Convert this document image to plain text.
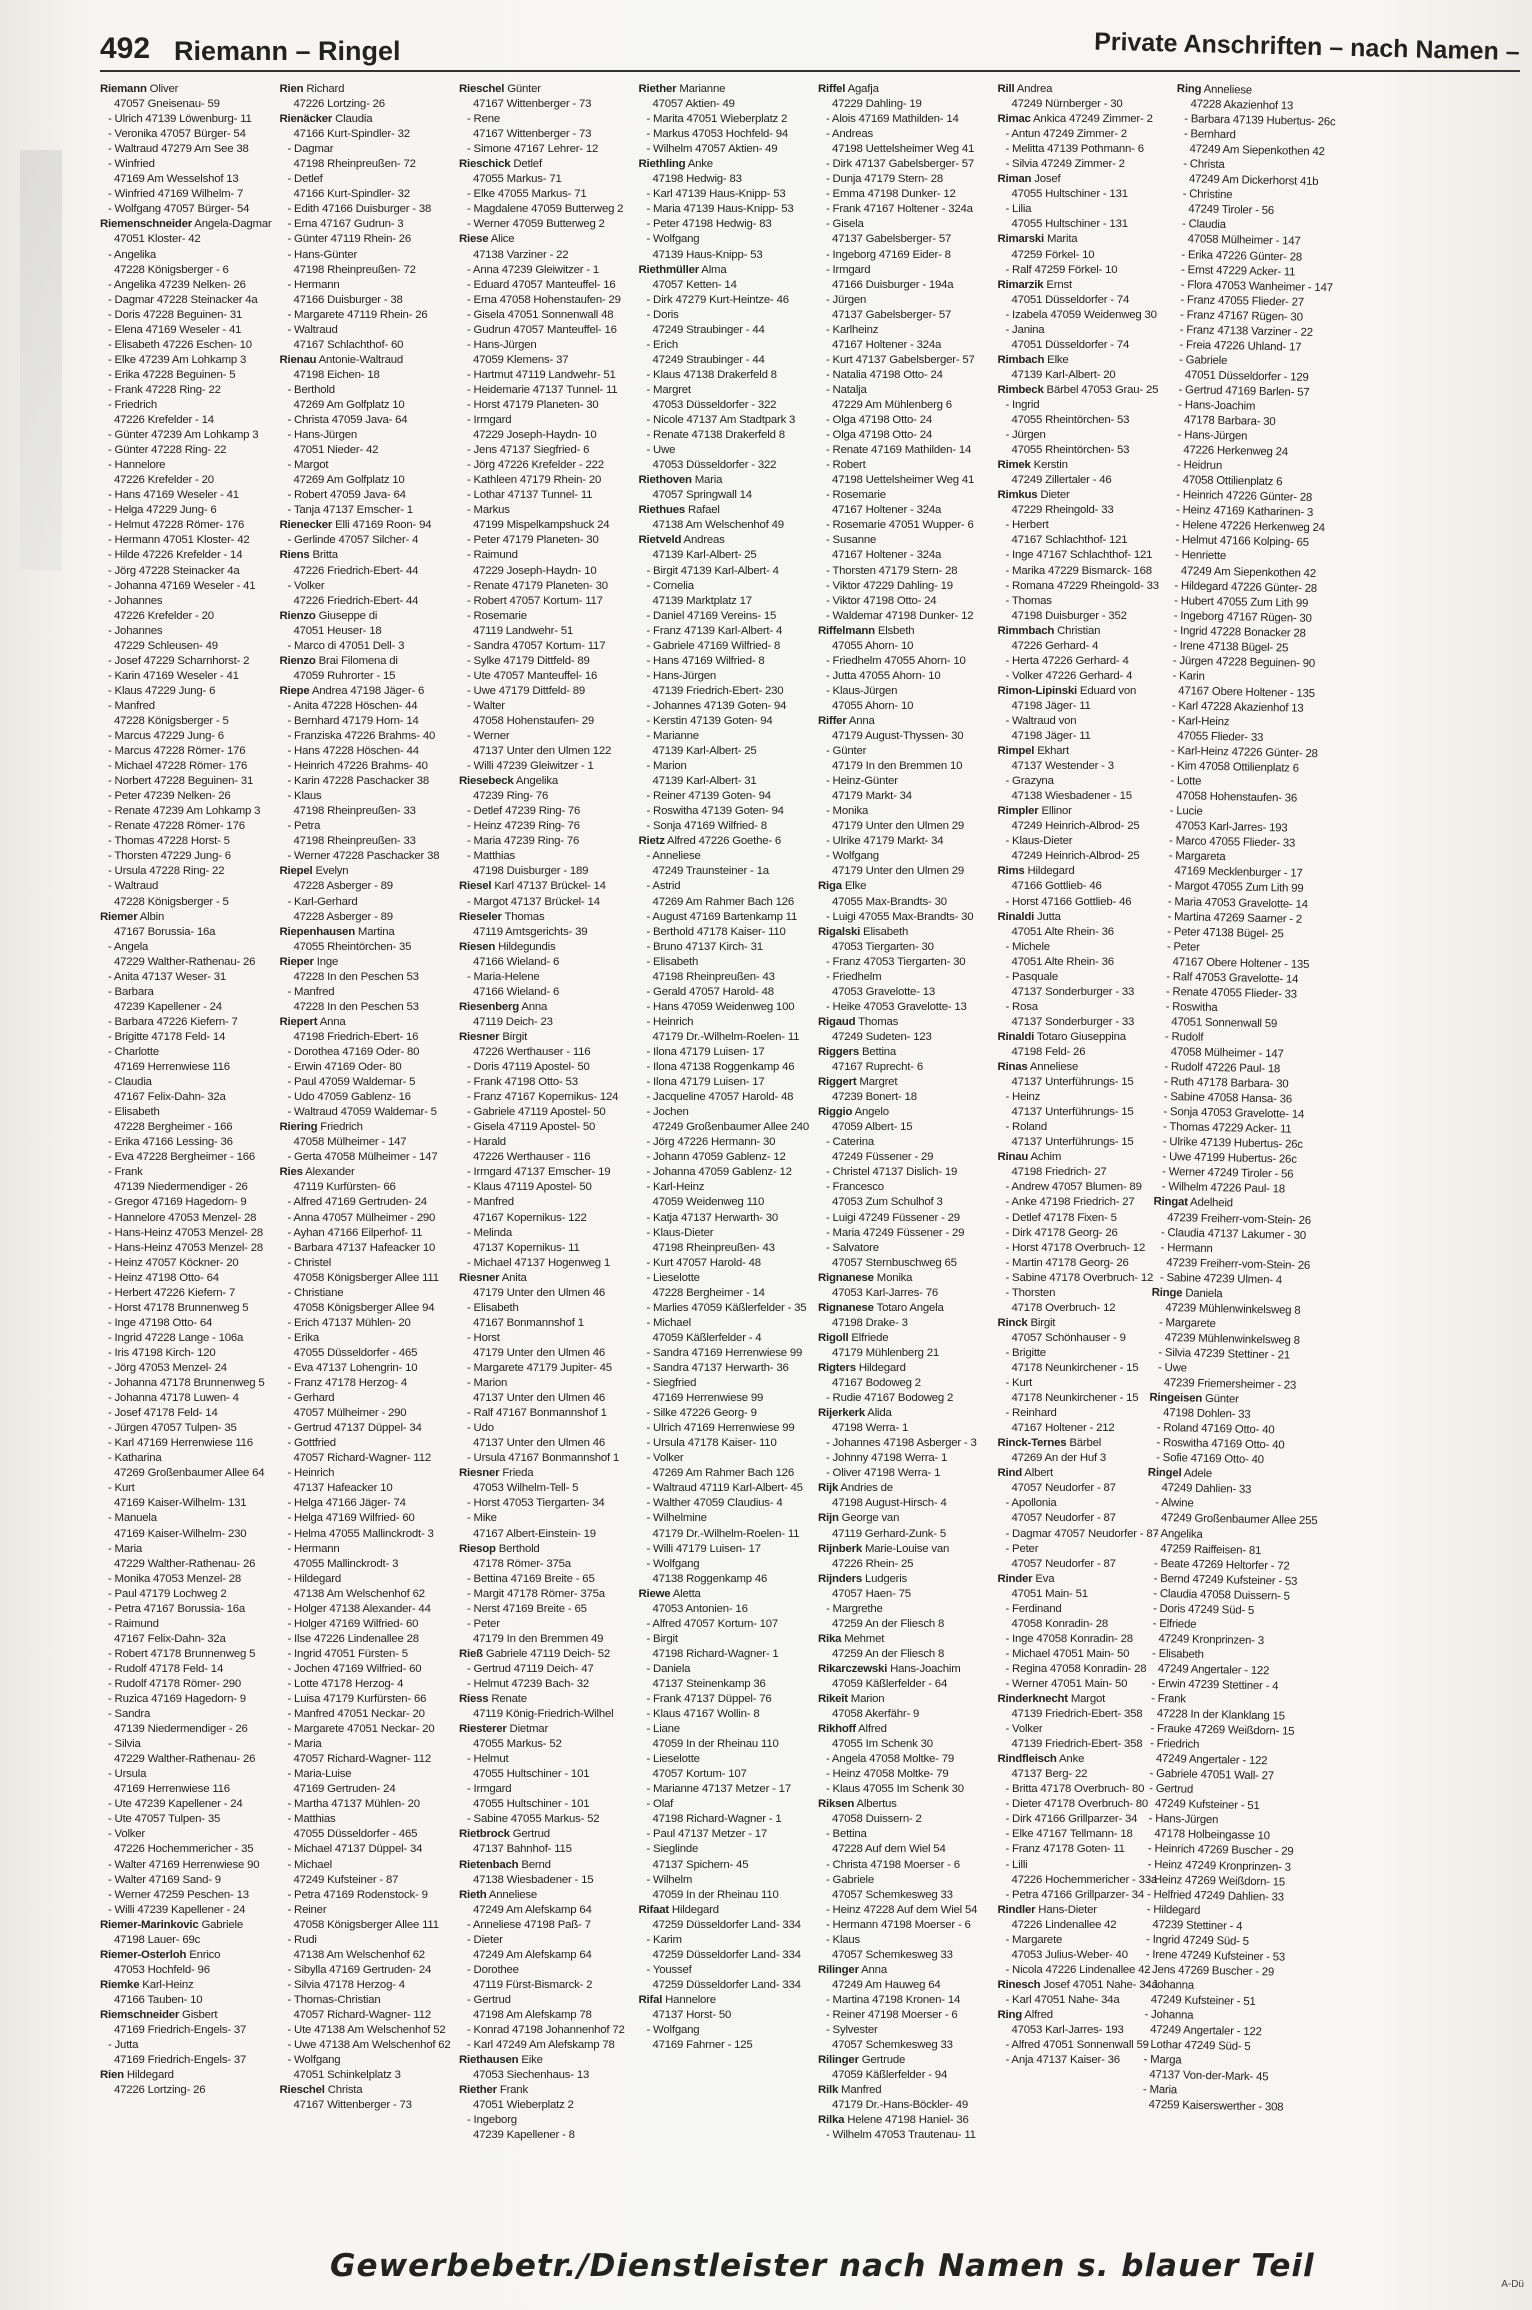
492 Riemann – Ringel	Private Anschriften – nach Namen –
Riemann Oliver
47057 Gneisenau- 59
- Ulrich 47139 Löwenburg- 11
- Veronika 47057 Bürger- 54
- Waltraud 47279 Am See 38
- Winfried
47169 Am Wesselshof 13
- Winfried 47169 Wilhelm- 7
- Wolfgang 47057 Bürger- 54
Riemenschneider Angela-Dagmar
47051 Kloster- 42
- Angelika
47228 Königsberger - 6
- Angelika 47239 Nelken- 26
- Dagmar 47228 Steinacker 4a
- Doris 47228 Beguinen- 31
- Elena 47169 Weseler - 41
- Elisabeth 47226 Eschen- 10
- Elke 47239 Am Lohkamp 3
- Erika 47228 Beguinen- 5
- Frank 47228 Ring- 22
- Friedrich
47226 Krefelder - 14
- Günter 47239 Am Lohkamp 3
- Günter 47228 Ring- 22
- Hannelore
47226 Krefelder - 20
- Hans 47169 Weseler - 41
- Helga 47229 Jung- 6
- Helmut 47228 Römer- 176
- Hermann 47051 Kloster- 42
- Hilde 47226 Krefelder - 14
- Jörg 47228 Steinacker 4a
- Johanna 47169 Weseler - 41
- Johannes
47226 Krefelder - 20
- Johannes
47229 Schleusen- 49
- Josef 47229 Scharnhorst- 2
- Karin 47169 Weseler - 41
- Klaus 47229 Jung- 6
- Manfred
47228 Königsberger - 5
- Marcus 47229 Jung- 6
- Marcus 47228 Römer- 176
- Michael 47228 Römer- 176
- Norbert 47228 Beguinen- 31
- Peter 47239 Nelken- 26
- Renate 47239 Am Lohkamp 3
- Renate 47228 Römer- 176
- Thomas 47228 Horst- 5
- Thorsten 47229 Jung- 6
- Ursula 47228 Ring- 22
- Waltraud
47228 Königsberger - 5
Riemer Albin
47167 Borussia- 16a
- Angela
47229 Walther-Rathenau- 26
- Anita 47137 Weser- 31
- Barbara
47239 Kapellener - 24
- Barbara 47226 Kiefern- 7
- Brigitte 47178 Feld- 14
- Charlotte
47169 Herrenwiese 116
- Claudia
47167 Felix-Dahn- 32a
- Elisabeth
47228 Bergheimer - 166
- Erika 47166 Lessing- 36
- Eva 47228 Bergheimer - 166
- Frank
47139 Niedermendiger - 26
- Gregor 47169 Hagedorn- 9
- Hannelore 47053 Menzel- 28
- Hans-Heinz 47053 Menzel- 28
- Hans-Heinz 47053 Menzel- 28
- Heinz 47057 Köckner- 20
- Heinz 47198 Otto- 64
- Herbert 47226 Kiefern- 7
- Horst 47178 Brunnenweg 5
- Inge 47198 Otto- 64
- Ingrid 47228 Lange - 106a
- Iris 47198 Kirch- 120
- Jörg 47053 Menzel- 24
- Johanna 47178 Brunnenweg 5
- Johanna 47178 Luwen- 4
- Josef 47178 Feld- 14
- Jürgen 47057 Tulpen- 35
- Karl 47169 Herrenwiese 116
- Katharina
47269 Großenbaumer Allee 64
- Kurt
47169 Kaiser-Wilhelm- 131
- Manuela
47169 Kaiser-Wilhelm- 230
- Maria
47229 Walther-Rathenau- 26
- Monika 47053 Menzel- 28
- Paul 47179 Lochweg 2
- Petra 47167 Borussia- 16a
- Raimund
47167 Felix-Dahn- 32a
- Robert 47178 Brunnenweg 5
- Rudolf 47178 Feld- 14
- Rudolf 47178 Römer- 290
- Ruzica 47169 Hagedorn- 9
- Sandra
47139 Niedermendiger - 26
- Silvia
47229 Walther-Rathenau- 26
- Ursula
47169 Herrenwiese 116
- Ute 47239 Kapellener - 24
- Ute 47057 Tulpen- 35
- Volker
47226 Hochemmericher - 35
- Walter 47169 Herrenwiese 90
- Walter 47169 Sand- 9
- Werner 47259 Peschen- 13
- Willi 47239 Kapellener - 24
Riemer-Marinkovic Gabriele
47198 Lauer- 69c
Riemer-Osterloh Enrico
47053 Hochfeld- 96
Riemke Karl-Heinz
47166 Tauben- 10
Riemschneider Gisbert
47169 Friedrich-Engels- 37
- Jutta
47169 Friedrich-Engels- 37
Rien Hildegard
47226 Lortzing- 26
Rien Richard
47226 Lortzing- 26
Rienäcker Claudia
47166 Kurt-Spindler- 32
- Dagmar
47198 Rheinpreußen- 72
- Detlef
47166 Kurt-Spindler- 32
- Edith 47166 Duisburger - 38
- Erna 47167 Gudrun- 3
- Günter 47119 Rhein- 26
- Hans-Günter
47198 Rheinpreußen- 72
- Hermann
47166 Duisburger - 38
- Margarete 47119 Rhein- 26
- Waltraud
47167 Schlachthof- 60
Rienau Antonie-Waltraud
47198 Eichen- 18
- Berthold
47269 Am Golfplatz 10
- Christa 47059 Java- 64
- Hans-Jürgen
47051 Nieder- 42
- Margot
47269 Am Golfplatz 10
- Robert 47059 Java- 64
- Tanja 47137 Emscher- 1
Rienecker Elli 47169 Roon- 94
- Gerlinde 47057 Silcher- 4
Riens Britta
47226 Friedrich-Ebert- 44
- Volker
47226 Friedrich-Ebert- 44
Rienzo Giuseppe di
47051 Heuser- 18
- Marco di 47051 Dell- 3
Rienzo Brai Filomena di
47059 Ruhrorter - 15
Riepe Andrea 47198 Jäger- 6
- Anita 47228 Höschen- 44
- Bernhard 47179 Horn- 14
- Franziska 47226 Brahms- 40
- Hans 47228 Höschen- 44
- Heinrich 47226 Brahms- 40
- Karin 47228 Paschacker 38
- Klaus
47198 Rheinpreußen- 33
- Petra
47198 Rheinpreußen- 33
- Werner 47228 Paschacker 38
Riepel Evelyn
47228 Asberger - 89
- Karl-Gerhard
47228 Asberger - 89
Riepenhausen Martina
47055 Rheintörchen- 35
Rieper Inge
47228 In den Peschen 53
- Manfred
47228 In den Peschen 53
Riepert Anna
47198 Friedrich-Ebert- 16
- Dorothea 47169 Oder- 80
- Erwin 47169 Oder- 80
- Paul 47059 Waldemar- 5
- Udo 47059 Gablenz- 16
- Waltraud 47059 Waldemar- 5
Riering Friedrich
47058 Mülheimer - 147
- Gerta 47058 Mülheimer - 147
Ries Alexander
47119 Kurfürsten- 66
- Alfred 47169 Gertruden- 24
- Anna 47057 Mülheimer - 290
- Ayhan 47166 Eilperhof- 11
- Barbara 47137 Hafeacker 10
- Christel
47058 Königsberger Allee 111
- Christiane
47058 Königsberger Allee 94
- Erich 47137 Mühlen- 20
- Erika
47055 Düsseldorfer - 465
- Eva 47137 Lohengrin- 10
- Franz 47178 Herzog- 4
- Gerhard
47057 Mülheimer - 290
- Gertrud 47137 Düppel- 34
- Gottfried
47057 Richard-Wagner- 112
- Heinrich
47137 Hafeacker 10
- Helga 47166 Jäger- 74
- Helga 47169 Wilfried- 60
- Helma 47055 Mallinckrodt- 3
- Hermann
47055 Mallinckrodt- 3
- Hildegard
47138 Am Welschenhof 62
- Holger 47138 Alexander- 44
- Holger 47169 Wilfried- 60
- Ilse 47226 Lindenallee 28
- Ingrid 47051 Fürsten- 5
- Jochen 47169 Wilfried- 60
- Lotte 47178 Herzog- 4
- Luisa 47179 Kurfürsten- 66
- Manfred 47051 Neckar- 20
- Margarete 47051 Neckar- 20
- Maria
47057 Richard-Wagner- 112
- Maria-Luise
47169 Gertruden- 24
- Martha 47137 Mühlen- 20
- Matthias
47055 Düsseldorfer - 465
- Michael 47137 Düppel- 34
- Michael
47249 Kufsteiner - 87
- Petra 47169 Rodenstock- 9
- Reiner
47058 Königsberger Allee 111
- Rudi
47138 Am Welschenhof 62
- Sibylla 47169 Gertruden- 24
- Silvia 47178 Herzog- 4
- Thomas-Christian
47057 Richard-Wagner- 112
- Ute 47138 Am Welschenhof 52
- Uwe 47138 Am Welschenhof 62
- Wolfgang
47051 Schinkelplatz 3
Rieschel Christa
47167 Wittenberger - 73
Rieschel Günter
47167 Wittenberger - 73
- Rene
47167 Wittenberger - 73
- Simone 47167 Lehrer- 12
Rieschick Detlef
47055 Markus- 71
- Elke 47055 Markus- 71
- Magdalene 47059 Butterweg 2
- Werner 47059 Butterweg 2
Riese Alice
47138 Varziner - 22
- Anna 47239 Gleiwitzer - 1
- Eduard 47057 Manteuffel- 16
- Erna 47058 Hohenstaufen- 29
- Gisela 47051 Sonnenwall 48
- Gudrun 47057 Manteuffel- 16
- Hans-Jürgen
47059 Klemens- 37
- Hartmut 47119 Landwehr- 51
- Heidemarie 47137 Tunnel- 11
- Horst 47179 Planeten- 30
- Irmgard
47229 Joseph-Haydn- 10
- Jens 47137 Siegfried- 6
- Jörg 47226 Krefelder - 222
- Kathleen 47179 Rhein- 20
- Lothar 47137 Tunnel- 11
- Markus
47199 Mispelkampshuck 24
- Peter 47179 Planeten- 30
- Raimund
47229 Joseph-Haydn- 10
- Renate 47179 Planeten- 30
- Robert 47057 Kortum- 117
- Rosemarie
47119 Landwehr- 51
- Sandra 47057 Kortum- 117
- Sylke 47179 Dittfeld- 89
- Ute 47057 Manteuffel- 16
- Uwe 47179 Dittfeld- 89
- Walter
47058 Hohenstaufen- 29
- Werner
47137 Unter den Ulmen 122
- Willi 47239 Gleiwitzer - 1
Riesebeck Angelika
47239 Ring- 76
- Detlef 47239 Ring- 76
- Heinz 47239 Ring- 76
- Maria 47239 Ring- 76
- Matthias
47198 Duisburger - 189
Riesel Karl 47137 Brückel- 14
- Margot 47137 Brückel- 14
Rieseler Thomas
47119 Amtsgerichts- 39
Riesen Hildegundis
47166 Wieland- 6
- Maria-Helene
47166 Wieland- 6
Riesenberg Anna
47119 Deich- 23
Riesner Birgit
47226 Werthauser - 116
- Doris 47119 Apostel- 50
- Frank 47198 Otto- 53
- Franz 47167 Kopernikus- 124
- Gabriele 47119 Apostel- 50
- Gisela 47119 Apostel- 50
- Harald
47226 Werthauser - 116
- Irmgard 47137 Emscher- 19
- Klaus 47119 Apostel- 50
- Manfred
47167 Kopernikus- 122
- Melinda
47137 Kopernikus- 11
- Michael 47137 Hogenweg 1
Riesner Anita
47179 Unter den Ulmen 46
- Elisabeth
47167 Bonmannshof 1
- Horst
47179 Unter den Ulmen 46
- Margarete 47179 Jupiter- 45
- Marion
47137 Unter den Ulmen 46
- Ralf 47167 Bonmannshof 1
- Udo
47137 Unter den Ulmen 46
- Ursula 47167 Bonmannshof 1
Riesner Frieda
47053 Wilhelm-Tell- 5
- Horst 47053 Tiergarten- 34
- Mike
47167 Albert-Einstein- 19
Riesop Berthold
47178 Römer- 375a
- Bettina 47169 Breite - 65
- Margit 47178 Römer- 375a
- Nerst 47169 Breite - 65
- Peter
47179 In den Bremmen 49
Rieß Gabriele 47119 Deich- 52
- Gertrud 47119 Deich- 47
- Helmut 47239 Bach- 32
Riess Renate
47119 König-Friedrich-Wilhel
Riesterer Dietmar
47055 Markus- 52
- Helmut
47055 Hultschiner - 101
- Irmgard
47055 Hultschiner - 101
- Sabine 47055 Markus- 52
Rietbrock Gertrud
47137 Bahnhof- 115
Rietenbach Bernd
47138 Wiesbadener - 15
Rieth Anneliese
47249 Am Alefskamp 64
- Anneliese 47198 Paß- 7
- Dieter
47249 Am Alefskamp 64
- Dorothee
47119 Fürst-Bismarck- 2
- Gertrud
47198 Am Alefskamp 78
- Konrad 47198 Johannenhof 72
- Karl 47249 Am Alefskamp 78
Riethausen Eike
47053 Siechenhaus- 13
Riether Frank
47051 Wieberplatz 2
- Ingeborg
47239 Kapellener - 8
Riether Marianne
47057 Aktien- 49
- Marita 47051 Wieberplatz 2
- Markus 47053 Hochfeld- 94
- Wilhelm 47057 Aktien- 49
Riethling Anke
47198 Hedwig- 83
- Karl 47139 Haus-Knipp- 53
- Maria 47139 Haus-Knipp- 53
- Peter 47198 Hedwig- 83
- Wolfgang
47139 Haus-Knipp- 53
Riethmüller Alma
47057 Ketten- 14
- Dirk 47279 Kurt-Heintze- 46
- Doris
47249 Straubinger - 44
- Erich
47249 Straubinger - 44
- Klaus 47138 Drakerfeld 8
- Margret
47053 Düsseldorfer - 322
- Nicole 47137 Am Stadtpark 3
- Renate 47138 Drakerfeld 8
- Uwe
47053 Düsseldorfer - 322
Riethoven Maria
47057 Springwall 14
Riethues Rafael
47138 Am Welschenhof 49
Rietveld Andreas
47139 Karl-Albert- 25
- Birgit 47139 Karl-Albert- 4
- Cornelia
47139 Marktplatz 17
- Daniel 47169 Vereins- 15
- Franz 47139 Karl-Albert- 4
- Gabriele 47169 Wilfried- 8
- Hans 47169 Wilfried- 8
- Hans-Jürgen
47139 Friedrich-Ebert- 230
- Johannes 47139 Goten- 94
- Kerstin 47139 Goten- 94
- Marianne
47139 Karl-Albert- 25
- Marion
47139 Karl-Albert- 31
- Reiner 47139 Goten- 94
- Roswitha 47139 Goten- 94
- Sonja 47169 Wilfried- 8
Rietz Alfred 47226 Goethe- 6
- Anneliese
47249 Traunsteiner - 1a
- Astrid
47269 Am Rahmer Bach 126
- August 47169 Bartenkamp 11
- Berthold 47178 Kaiser- 110
- Bruno 47137 Kirch- 31
- Elisabeth
47198 Rheinpreußen- 43
- Gerald 47057 Harold- 48
- Hans 47059 Weidenweg 100
- Heinrich
47179 Dr.-Wilhelm-Roelen- 11
- Ilona 47179 Luisen- 17
- Ilona 47138 Roggenkamp 46
- Ilona 47179 Luisen- 17
- Jacqueline 47057 Harold- 48
- Jochen
47249 Großenbaumer Allee 240
- Jörg 47226 Hermann- 30
- Johann 47059 Gablenz- 12
- Johanna 47059 Gablenz- 12
- Karl-Heinz
47059 Weidenweg 110
- Katja 47137 Herwarth- 30
- Klaus-Dieter
47198 Rheinpreußen- 43
- Kurt 47057 Harold- 48
- Lieselotte
47228 Bergheimer - 14
- Marlies 47059 Käßlerfelder - 35
- Michael
47059 Käßlerfelder - 4
- Sandra 47169 Herrenwiese 99
- Sandra 47137 Herwarth- 36
- Siegfried
47169 Herrenwiese 99
- Silke 47226 Georg- 9
- Ulrich 47169 Herrenwiese 99
- Ursula 47178 Kaiser- 110
- Volker
47269 Am Rahmer Bach 126
- Waltraud 47119 Karl-Albert- 45
- Walther 47059 Claudius- 4
- Wilhelmine
47179 Dr.-Wilhelm-Roelen- 11
- Willi 47179 Luisen- 17
- Wolfgang
47138 Roggenkamp 46
Riewe Aletta
47053 Antonien- 16
- Alfred 47057 Kortum- 107
- Birgit
47198 Richard-Wagner- 1
- Daniela
47137 Steinenkamp 36
- Frank 47137 Düppel- 76
- Klaus 47167 Wollin- 8
- Liane
47059 In der Rheinau 110
- Lieselotte
47057 Kortum- 107
- Marianne 47137 Metzer - 17
- Olaf
47198 Richard-Wagner - 1
- Paul 47137 Metzer - 17
- Sieglinde
47137 Spichern- 45
- Wilhelm
47059 In der Rheinau 110
Rifaat Hildegard
47259 Düsseldorfer Land- 334
- Karim
47259 Düsseldorfer Land- 334
- Youssef
47259 Düsseldorfer Land- 334
Rifal Hannelore
47137 Horst- 50
- Wolfgang
47169 Fahrner - 125
Riffel Agafja
47229 Dahling- 19
- Alois 47169 Mathilden- 14
- Andreas
47198 Uettelsheimer Weg 41
- Dirk 47137 Gabelsberger- 57
- Dunja 47179 Stern- 28
- Emma 47198 Dunker- 12
- Frank 47167 Holtener - 324a
- Gisela
47137 Gabelsberger- 57
- Ingeborg 47169 Eider- 8
- Irmgard
47166 Duisburger - 194a
- Jürgen
47137 Gabelsberger- 57
- Karlheinz
47167 Holtener - 324a
- Kurt 47137 Gabelsberger- 57
- Natalia 47198 Otto- 24
- Natalja
47229 Am Mühlenberg 6
- Olga 47198 Otto- 24
- Olga 47198 Otto- 24
- Renate 47169 Mathilden- 14
- Robert
47198 Uettelsheimer Weg 41
- Rosemarie
47167 Holtener - 324a
- Rosemarie 47051 Wupper- 6
- Susanne
47167 Holtener - 324a
- Thorsten 47179 Stern- 28
- Viktor 47229 Dahling- 19
- Viktor 47198 Otto- 24
- Waldemar 47198 Dunker- 12
Riffelmann Elsbeth
47055 Ahorn- 10
- Friedhelm 47055 Ahorn- 10
- Jutta 47055 Ahorn- 10
- Klaus-Jürgen
47055 Ahorn- 10
Riffer Anna
47179 August-Thyssen- 30
- Günter
47179 In den Bremmen 10
- Heinz-Günter
47179 Markt- 34
- Monika
47179 Unter den Ulmen 29
- Ulrike 47179 Markt- 34
- Wolfgang
47179 Unter den Ulmen 29
Riga Elke
47055 Max-Brandts- 30
- Luigi 47055 Max-Brandts- 30
Rigalski Elisabeth
47053 Tiergarten- 30
- Franz 47053 Tiergarten- 30
- Friedhelm
47053 Gravelotte- 13
- Heike 47053 Gravelotte- 13
Rigaud Thomas
47249 Sudeten- 123
Riggers Bettina
47167 Ruprecht- 6
Riggert Margret
47239 Bonert- 18
Riggio Angelo
47059 Albert- 15
- Caterina
47249 Füssener - 29
- Christel 47137 Dislich- 19
- Francesco
47053 Zum Schulhof 3
- Luigi 47249 Füssener - 29
- Maria 47249 Füssener - 29
- Salvatore
47057 Sternbuschweg 65
Rignanese Monika
47053 Karl-Jarres- 76
Rignanese Totaro Angela
47198 Drake- 3
Rigoll Elfriede
47179 Mühlenberg 21
Rigters Hildegard
47167 Bodoweg 2
- Rudie 47167 Bodoweg 2
Rijerkerk Alida
47198 Werra- 1
- Johannes 47198 Asberger - 3
- Johnny 47198 Werra- 1
- Oliver 47198 Werra- 1
Rijk Andries de
47198 August-Hirsch- 4
Rijn George van
47119 Gerhard-Zunk- 5
Rijnberk Marie-Louise van
47226 Rhein- 25
Rijnders Ludgeris
47057 Haen- 75
- Margrethe
47259 An der Fliesch 8
Rika Mehmet
47259 An der Fliesch 8
Rikarczewski Hans-Joachim
47059 Käßlerfelder - 64
Rikeit Marion
47058 Akerfähr- 9
Rikhoff Alfred
47055 Im Schenk 30
- Angela 47058 Moltke- 79
- Heinz 47058 Moltke- 79
- Klaus 47055 Im Schenk 30
Riksen Albertus
47058 Duissern- 2
- Bettina
47228 Auf dem Wiel 54
- Christa 47198 Moerser - 6
- Gabriele
47057 Schemkesweg 33
- Heinz 47228 Auf dem Wiel 54
- Hermann 47198 Moerser - 6
- Klaus
47057 Schemkesweg 33
Rilinger Anna
47249 Am Hauweg 64
- Martina 47198 Kronen- 14
- Reiner 47198 Moerser - 6
- Sylvester
47057 Schemkesweg 33
Rilinger Gertrude
47059 Käßlerfelder - 94
Rilk Manfred
47179 Dr.-Hans-Böckler- 49
Rilka Helene 47198 Haniel- 36
- Wilhelm 47053 Trautenau- 11
Rill Andrea
47249 Nürnberger - 30
Rimac Ankica 47249 Zimmer- 2
- Antun 47249 Zimmer- 2
- Melitta 47139 Pothmann- 6
- Silvia 47249 Zimmer- 2
Riman Josef
47055 Hultschiner - 131
- Lilia
47055 Hultschiner - 131
Rimarski Marita
47259 Förkel- 10
- Ralf 47259 Förkel- 10
Rimarzik Ernst
47051 Düsseldorfer - 74
- Izabela 47059 Weidenweg 30
- Janina
47051 Düsseldorfer - 74
Rimbach Elke
47139 Karl-Albert- 20
Rimbeck Bärbel 47053 Grau- 25
- Ingrid
47055 Rheintörchen- 53
- Jürgen
47055 Rheintörchen- 53
Rimek Kerstin
47249 Zillertaler - 46
Rimkus Dieter
47229 Rheingold- 33
- Herbert
47167 Schlachthof- 121
- Inge 47167 Schlachthof- 121
- Marika 47229 Bismarck- 168
- Romana 47229 Rheingold- 33
- Thomas
47198 Duisburger - 352
Rimmbach Christian
47226 Gerhard- 4
- Herta 47226 Gerhard- 4
- Volker 47226 Gerhard- 4
Rimon-Lipinski Eduard von
47198 Jäger- 11
- Waltraud von
47198 Jäger- 11
Rimpel Ekhart
47137 Westender - 3
- Grazyna
47138 Wiesbadener - 15
Rimpler Ellinor
47249 Heinrich-Albrod- 25
- Klaus-Dieter
47249 Heinrich-Albrod- 25
Rims Hildegard
47166 Gottlieb- 46
- Horst 47166 Gottlieb- 46
Rinaldi Jutta
47051 Alte Rhein- 36
- Michele
47051 Alte Rhein- 36
- Pasquale
47137 Sonderburger - 33
- Rosa
47137 Sonderburger - 33
Rinaldi Totaro Giuseppina
47198 Feld- 26
Rinas Anneliese
47137 Unterführungs- 15
- Heinz
47137 Unterführungs- 15
- Roland
47137 Unterführungs- 15
Rinau Achim
47198 Friedrich- 27
- Andrew 47057 Blumen- 89
- Anke 47198 Friedrich- 27
- Detlef 47178 Fixen- 5
- Dirk 47178 Georg- 26
- Horst 47178 Overbruch- 12
- Martin 47178 Georg- 26
- Sabine 47178 Overbruch- 12
- Thorsten
47178 Overbruch- 12
Rinck Birgit
47057 Schönhauser - 9
- Brigitte
47178 Neunkirchener - 15
- Kurt
47178 Neunkirchener - 15
- Reinhard
47167 Holtener - 212
Rinck-Ternes Bärbel
47269 An der Huf 3
Rind Albert
47057 Neudorfer - 87
- Apollonia
47057 Neudorfer - 87
- Dagmar 47057 Neudorfer - 87
- Peter
47057 Neudorfer - 87
Rinder Eva
47051 Main- 51
- Ferdinand
47058 Konradin- 28
- Inge 47058 Konradin- 28
- Michael 47051 Main- 50
- Regina 47058 Konradin- 28
- Werner 47051 Main- 50
Rinderknecht Margot
47139 Friedrich-Ebert- 358
- Volker
47139 Friedrich-Ebert- 358
Rindfleisch Anke
47137 Berg- 22
- Britta 47178 Overbruch- 80
- Dieter 47178 Overbruch- 80
- Dirk 47166 Grillparzer- 34
- Elke 47167 Tellmann- 18
- Franz 47178 Goten- 11
- Lilli
47226 Hochemmericher - 33a
- Petra 47166 Grillparzer- 34
Rindler Hans-Dieter
47226 Lindenallee 42
- Margarete
47053 Julius-Weber- 40
- Nicola 47226 Lindenallee 42
Rinesch Josef 47051 Nahe- 34a
- Karl 47051 Nahe- 34a
Ring Alfred
47053 Karl-Jarres- 193
- Alfred 47051 Sonnenwall 59
- Anja 47137 Kaiser- 36
Ring Anneliese
47228 Akazienhof 13
- Barbara 47139 Hubertus- 26c
- Bernhard
47249 Am Siepenkothen 42
- Christa
47249 Am Dickerhorst 41b
- Christine
47249 Tiroler - 56
- Claudia
47058 Mülheimer - 147
- Erika 47226 Günter- 28
- Ernst 47229 Acker- 11
- Flora 47053 Wanheimer - 147
- Franz 47055 Flieder- 27
- Franz 47167 Rügen- 30
- Franz 47138 Varziner - 22
- Freia 47226 Uhland- 17
- Gabriele
47051 Düsseldorfer - 129
- Gertrud 47169 Barlen- 57
- Hans-Joachim
47178 Barbara- 30
- Hans-Jürgen
47226 Herkenweg 24
- Heidrun
47058 Ottilienplatz 6
- Heinrich 47226 Günter- 28
- Heinz 47169 Katharinen- 3
- Helene 47226 Herkenweg 24
- Helmut 47166 Kolping- 65
- Henriette
47249 Am Siepenkothen 42
- Hildegard 47226 Günter- 28
- Hubert 47055 Zum Lith 99
- Ingeborg 47167 Rügen- 30
- Ingrid 47228 Bonacker 28
- Irene 47138 Bügel- 25
- Jürgen 47228 Beguinen- 90
- Karin
47167 Obere Holtener - 135
- Karl 47228 Akazienhof 13
- Karl-Heinz
47055 Flieder- 33
- Karl-Heinz 47226 Günter- 28
- Kim 47058 Ottilienplatz 6
- Lotte
47058 Hohenstaufen- 36
- Lucie
47053 Karl-Jarres- 193
- Marco 47055 Flieder- 33
- Margareta
47169 Mecklenburger - 17
- Margot 47055 Zum Lith 99
- Maria 47053 Gravelotte- 14
- Martina 47269 Saarner - 2
- Peter 47138 Bügel- 25
- Peter
47167 Obere Holtener - 135
- Ralf 47053 Gravelotte- 14
- Renate 47055 Flieder- 33
- Roswitha
47051 Sonnenwall 59
- Rudolf
47058 Mülheimer - 147
- Rudolf 47226 Paul- 18
- Ruth 47178 Barbara- 30
- Sabine 47058 Hansa- 36
- Sonja 47053 Gravelotte- 14
- Thomas 47229 Acker- 11
- Ulrike 47139 Hubertus- 26c
- Uwe 47199 Hubertus- 26c
- Werner 47249 Tiroler - 56
- Wilhelm 47226 Paul- 18
Ringat Adelheid
47239 Freiherr-vom-Stein- 26
- Claudia 47137 Lakumer - 30
- Hermann
47239 Freiherr-vom-Stein- 26
- Sabine 47239 Ulmen- 4
Ringe Daniela
47239 Mühlenwinkelsweg 8
- Margarete
47239 Mühlenwinkelsweg 8
- Silvia 47239 Stettiner - 21
- Uwe
47239 Friemersheimer - 23
Ringeisen Günter
47198 Dohlen- 33
- Roland 47169 Otto- 40
- Roswitha 47169 Otto- 40
- Sofie 47169 Otto- 40
Ringel Adele
47249 Dahlien- 33
- Alwine
47249 Großenbaumer Allee 255
- Angelika
47259 Raiffeisen- 81
- Beate 47269 Heltorfer - 72
- Bernd 47249 Kufsteiner - 53
- Claudia 47058 Duissern- 5
- Doris 47249 Süd- 5
- Elfriede
47249 Kronprinzen- 3
- Elisabeth
47249 Angertaler - 122
- Erwin 47239 Stettiner - 4
- Frank
47228 In der Klanklang 15
- Frauke 47269 Weißdorn- 15
- Friedrich
47249 Angertaler - 122
- Gabriele 47051 Wall- 27
- Gertrud
47249 Kufsteiner - 51
- Hans-Jürgen
47178 Holbeingasse 10
- Heinrich 47269 Buscher - 29
- Heinz 47249 Kronprinzen- 3
- Heinz 47269 Weißdorn- 15
- Helfried 47249 Dahlien- 33
- Hildegard
47239 Stettiner - 4
- Ingrid 47249 Süd- 5
- Irene 47249 Kufsteiner - 53
- Jens 47269 Buscher - 29
- Johanna
47249 Kufsteiner - 51
- Johanna
47249 Angertaler - 122
- Lothar 47249 Süd- 5
- Marga
47137 Von-der-Mark- 45
- Maria
47259 Kaiserswerther - 308
Gewerbebetr./Dienstleister nach Namen s. blauer Teil
A-Dü
